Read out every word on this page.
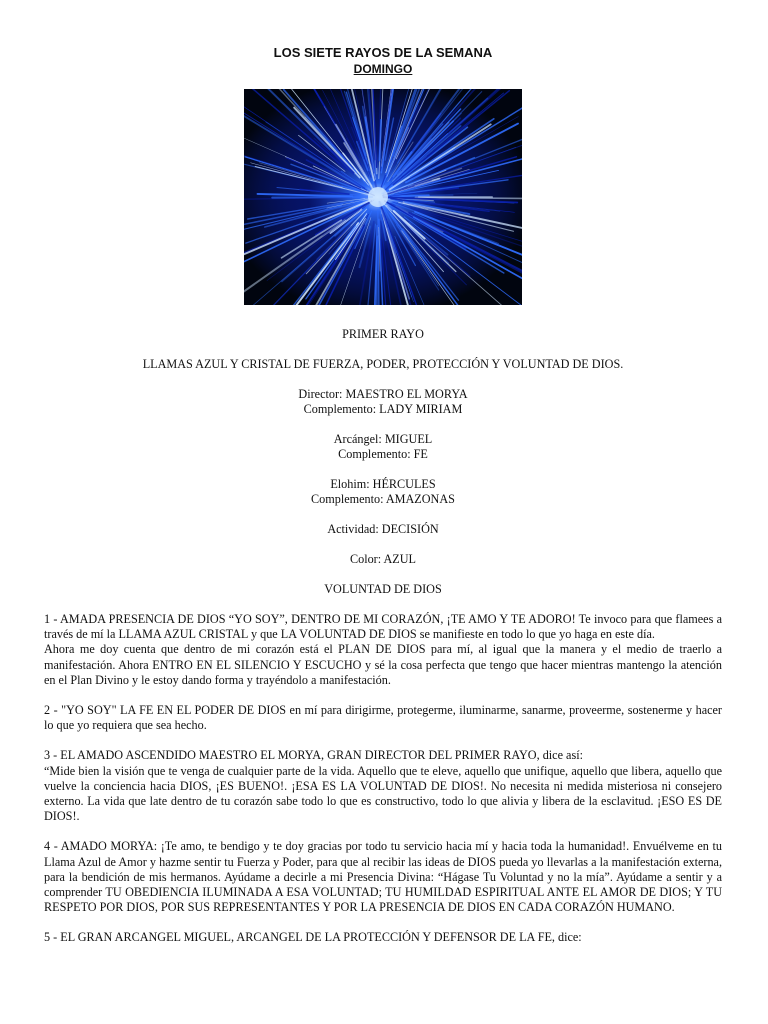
LOS SIETE RAYOS DE LA SEMANA

DOMINGO

PRIMER RAYO

LLAMAS AZUL Y CRISTAL DE FUERZA, PODER, PROTECCIÓN Y VOLUNTAD DE DIOS.

Director: MAESTRO EL MORYA

Complemento: LADY MIRIAM

Arcángel: MIGUEL

Complemento: FE

Elohim: HÉRCULES

Complemento: AMAZONAS

Actividad: DECISIÓN

Color: AZUL

VOLUNTAD DE DIOS

1 - AMADA PRESENCIA DE DIOS “YO SOY”, DENTRO DE MI CORAZÓN, ¡TE AMO Y TE ADORO! Te invoco para que flamees a través de mí la LLAMA AZUL CRISTAL y que LA VOLUNTAD DE DIOS se manifieste en todo lo que yo haga en este día.

Ahora me doy cuenta que dentro de mi corazón está el PLAN DE DIOS para mí, al igual que la manera y el medio de traerlo a manifestación. Ahora ENTRO EN EL SILENCIO Y ESCUCHO y sé la cosa perfecta que tengo que hacer mientras mantengo la atención en el Plan Divino y le estoy dando forma y trayéndolo a manifestación.

2 - "YO SOY" LA FE EN EL PODER DE DIOS en mí para dirigirme, protegerme, iluminarme, sanarme, proveerme, sostenerme y hacer lo que yo requiera que sea hecho.

3 - EL AMADO ASCENDIDO MAESTRO EL MORYA, GRAN DIRECTOR DEL PRIMER RAYO, dice así:

“Mide bien la visión que te venga de cualquier parte de la vida. Aquello que te eleve, aquello que unifique, aquello que libera, aquello que vuelve la conciencia hacia DIOS, ¡ES BUENO!. ¡ESA ES LA VOLUNTAD DE DIOS!. No necesita ni medida misteriosa ni consejero externo. La vida que late dentro de tu corazón sabe todo lo que es constructivo, todo lo que alivia y libera de la esclavitud. ¡ESO ES DE DIOS!.

4 - AMADO MORYA: ¡Te amo, te bendigo y te doy gracias por todo tu servicio hacia mí y hacia toda la humanidad!. Envuélveme en tu Llama Azul de Amor y hazme sentir tu Fuerza y Poder, para que al recibir las ideas de DIOS pueda yo llevarlas a la manifestación externa, para la bendición de mis hermanos. Ayúdame a decirle a mi Presencia Divina: “Hágase Tu Voluntad y no la mía”. Ayúdame a sentir y a comprender TU OBEDIENCIA ILUMINADA A ESA VOLUNTAD; TU HUMILDAD ESPIRITUAL ANTE EL AMOR DE DIOS; Y TU RESPETO POR DIOS, POR SUS REPRESENTANTES Y POR LA PRESENCIA DE DIOS EN CADA CORAZÓN HUMANO.

5 - EL GRAN ARCANGEL MIGUEL, ARCANGEL DE LA PROTECCIÓN Y DEFENSOR DE LA FE, dice:
